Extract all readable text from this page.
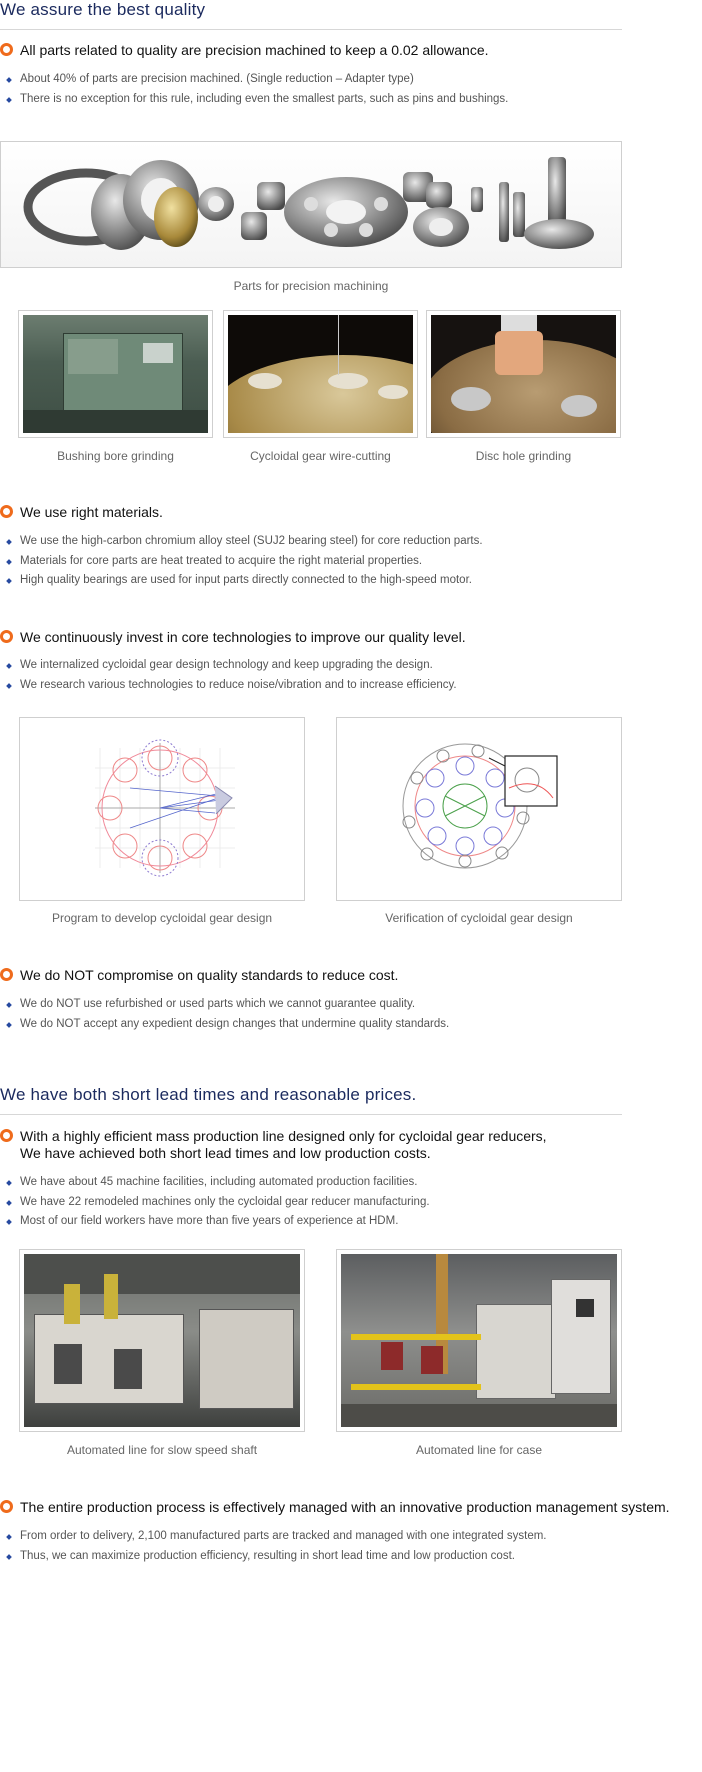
We assure the best quality
All parts related to quality are precision machined to keep a 0.02 allowance.
About 40% of parts are precision machined. (Single reduction – Adapter type)
There is no exception for this rule, including even the smallest parts, such as pins and bushings.
Parts for precision machining
Bushing bore grinding	Cycloidal gear wire-cutting	Disc hole grinding
We use right materials.
We use the high-carbon chromium alloy steel (SUJ2 bearing steel) for core reduction parts.
Materials for core parts are heat treated to acquire the right material properties.
High quality bearings are used for input parts directly connected to the high-speed motor.
We continuously invest in core technologies to improve our quality level.
We internalized cycloidal gear design technology and keep upgrading the design.
We research various technologies to reduce noise/vibration and to increase efficiency.
Program to develop cycloidal gear design	Verification of cycloidal gear design
We do NOT compromise on quality standards to reduce cost.
We do NOT use refurbished or used parts which we cannot guarantee quality.
We do NOT accept any expedient design changes that undermine quality standards.
We have both short lead times and reasonable prices.
With a highly efficient mass production line designed only for cycloidal gear reducers,
We have achieved both short lead times and low production costs.
We have about 45 machine facilities, including automated production facilities.
We have 22 remodeled machines only the cycloidal gear reducer manufacturing.
Most of our field workers have more than five years of experience at HDM.
Automated line for slow speed shaft	Automated line for case
The entire production process is effectively managed with an innovative production management system.
From order to delivery, 2,100 manufactured parts are tracked and managed with one integrated system.
Thus, we can maximize production efficiency, resulting in short lead time and low production cost.
